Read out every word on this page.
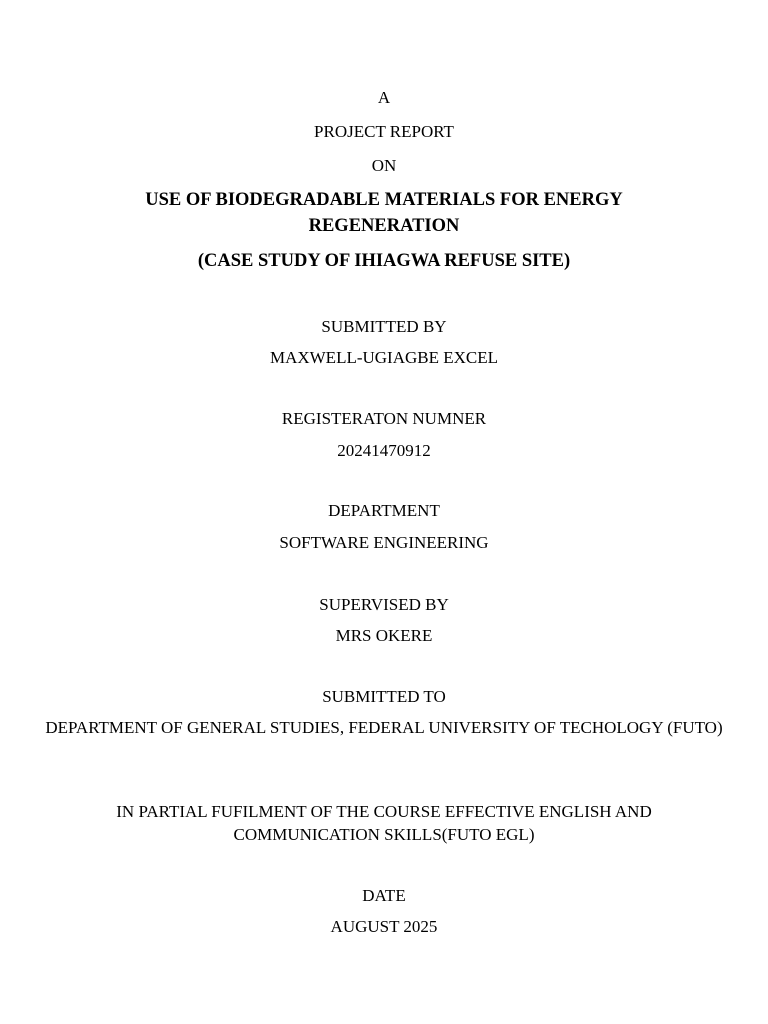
A
PROJECT REPORT
ON
USE OF BIODEGRADABLE MATERIALS FOR ENERGY REGENERATION
(CASE STUDY OF IHIAGWA REFUSE SITE)
SUBMITTED BY
MAXWELL-UGIAGBE EXCEL
REGISTERATON NUMNER
20241470912
DEPARTMENT
SOFTWARE ENGINEERING
SUPERVISED BY
MRS OKERE
SUBMITTED TO
DEPARTMENT OF GENERAL STUDIES, FEDERAL UNIVERSITY OF TECHOLOGY (FUTO)
IN PARTIAL FUFILMENT OF THE COURSE EFFECTIVE ENGLISH AND COMMUNICATION SKILLS(FUTO EGL)
DATE
AUGUST 2025
